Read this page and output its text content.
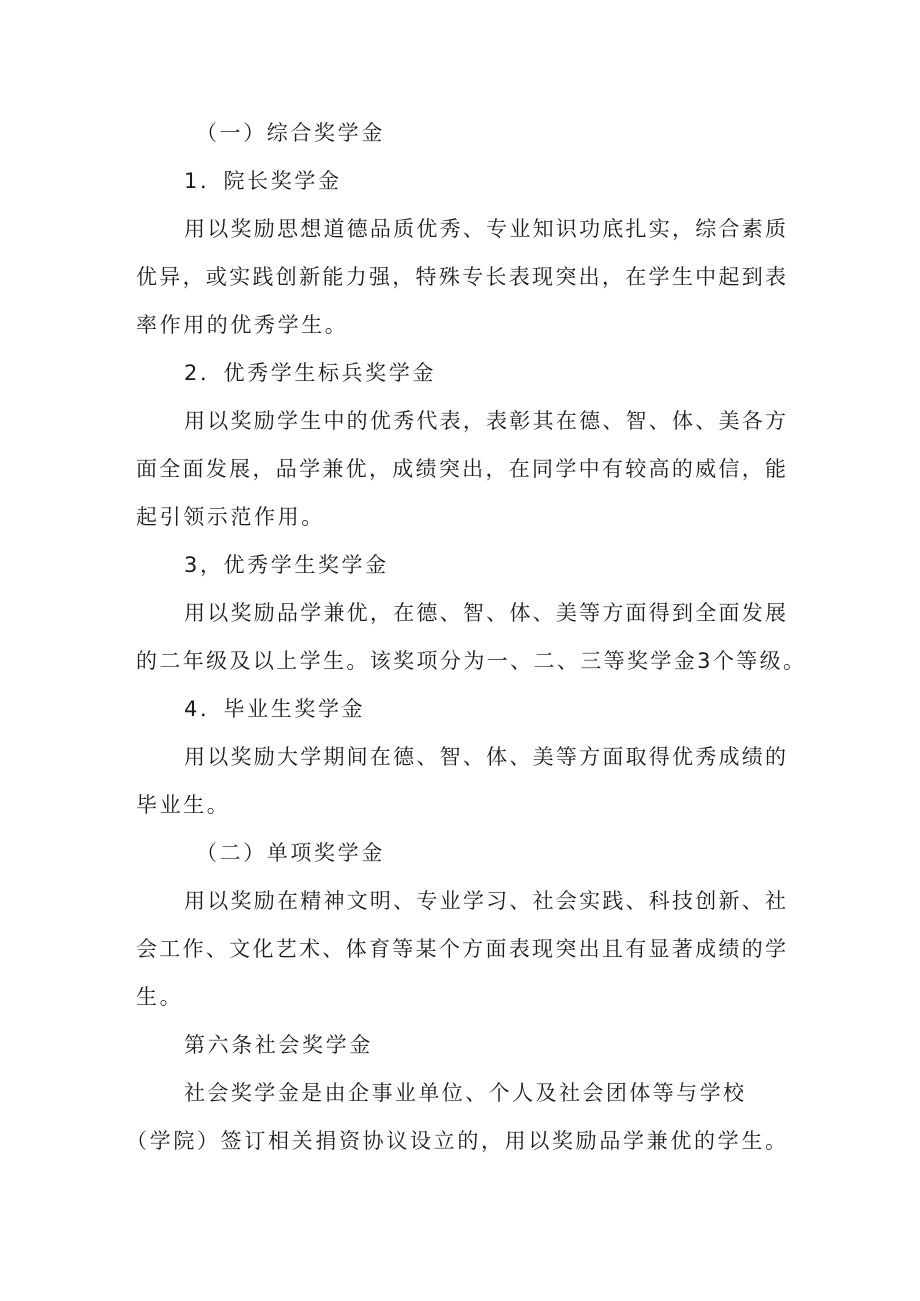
（一）综合奖学金
1．院长奖学金
用以奖励思想道德品质优秀、专业知识功底扎实，综合素质
优异，或实践创新能力强，特殊专长表现突出，在学生中起到表
率作用的优秀学生。
2．优秀学生标兵奖学金
用以奖励学生中的优秀代表，表彰其在德、智、体、美各方
面全面发展，品学兼优，成绩突出，在同学中有较高的威信，能
起引领示范作用。
3，优秀学生奖学金
用以奖励品学兼优，在德、智、体、美等方面得到全面发展
的二年级及以上学生。该奖项分为一、二、三等奖学金3个等级。
4．毕业生奖学金
用以奖励大学期间在德、智、体、美等方面取得优秀成绩的
毕业生。
（二）单项奖学金
用以奖励在精神文明、专业学习、社会实践、科技创新、社
会工作、文化艺术、体育等某个方面表现突出且有显著成绩的学
生。
第六条社会奖学金
社会奖学金是由企事业单位、个人及社会团体等与学校
（学院）签订相关捐资协议设立的，用以奖励品学兼优的学生。
